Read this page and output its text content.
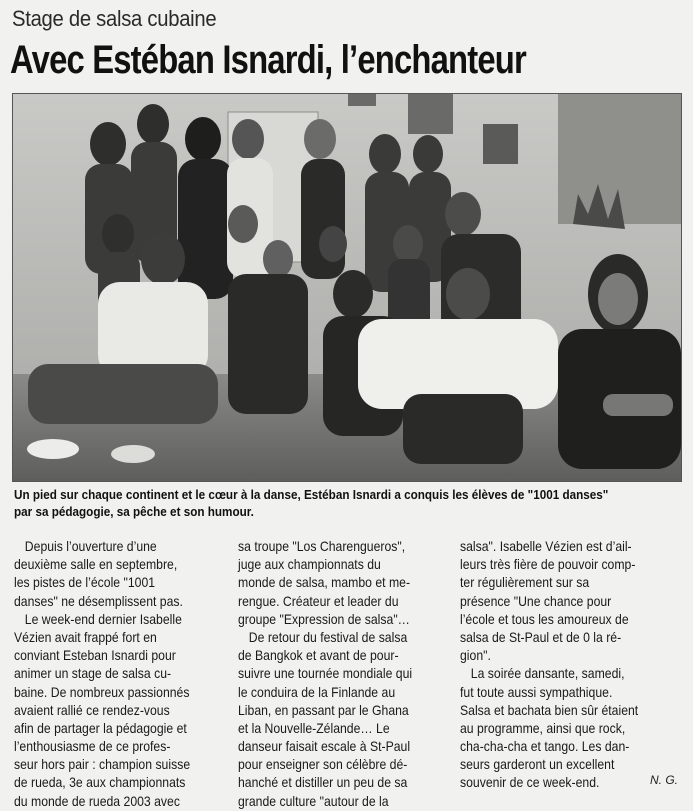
Stage de salsa cubaine
Avec Estéban Isnardi, l’enchanteur
Un pied sur chaque continent et le cœur à la danse, Estéban Isnardi a conquis les élèves de "1001 danses"
par sa pédagogie, sa pêche et son humour.
Depuis l’ouverture d’une
deuxième salle en septembre,
les pistes de l’école "1001
danses" ne désemplissent pas.
Le week-end dernier Isabelle
Vézien avait frappé fort en
conviant Esteban Isnardi pour
animer un stage de salsa cu-
baine. De nombreux passionnés
avaient rallié ce rendez-vous
afin de partager la pédagogie et
l’enthousiasme de ce profes-
seur hors pair : champion suisse
de rueda, 3e aux championnats
du monde de rueda 2003 avec
sa troupe "Los Charengueros",
juge aux championnats du
monde de salsa, mambo et me-
rengue. Créateur et leader du
groupe "Expression de salsa"…
De retour du festival de salsa
de Bangkok et avant de pour-
suivre une tournée mondiale qui
le conduira de la Finlande au
Liban, en passant par le Ghana
et la Nouvelle-Zélande… Le
danseur faisait escale à St-Paul
pour enseigner son célèbre dé-
hanché et distiller un peu de sa
grande culture "autour de la
salsa". Isabelle Vézien est d’ail-
leurs très fière de pouvoir comp-
ter régulièrement sur sa
présence "Une chance pour
l’école et tous les amoureux de
salsa de St-Paul et de 0 la ré-
gion".
La soirée dansante, samedi,
fut toute aussi sympathique.
Salsa et bachata bien sûr étaient
au programme, ainsi que rock,
cha-cha-cha et tango. Les dan-
seurs garderont un excellent
souvenir de ce week-end.	N. G.
